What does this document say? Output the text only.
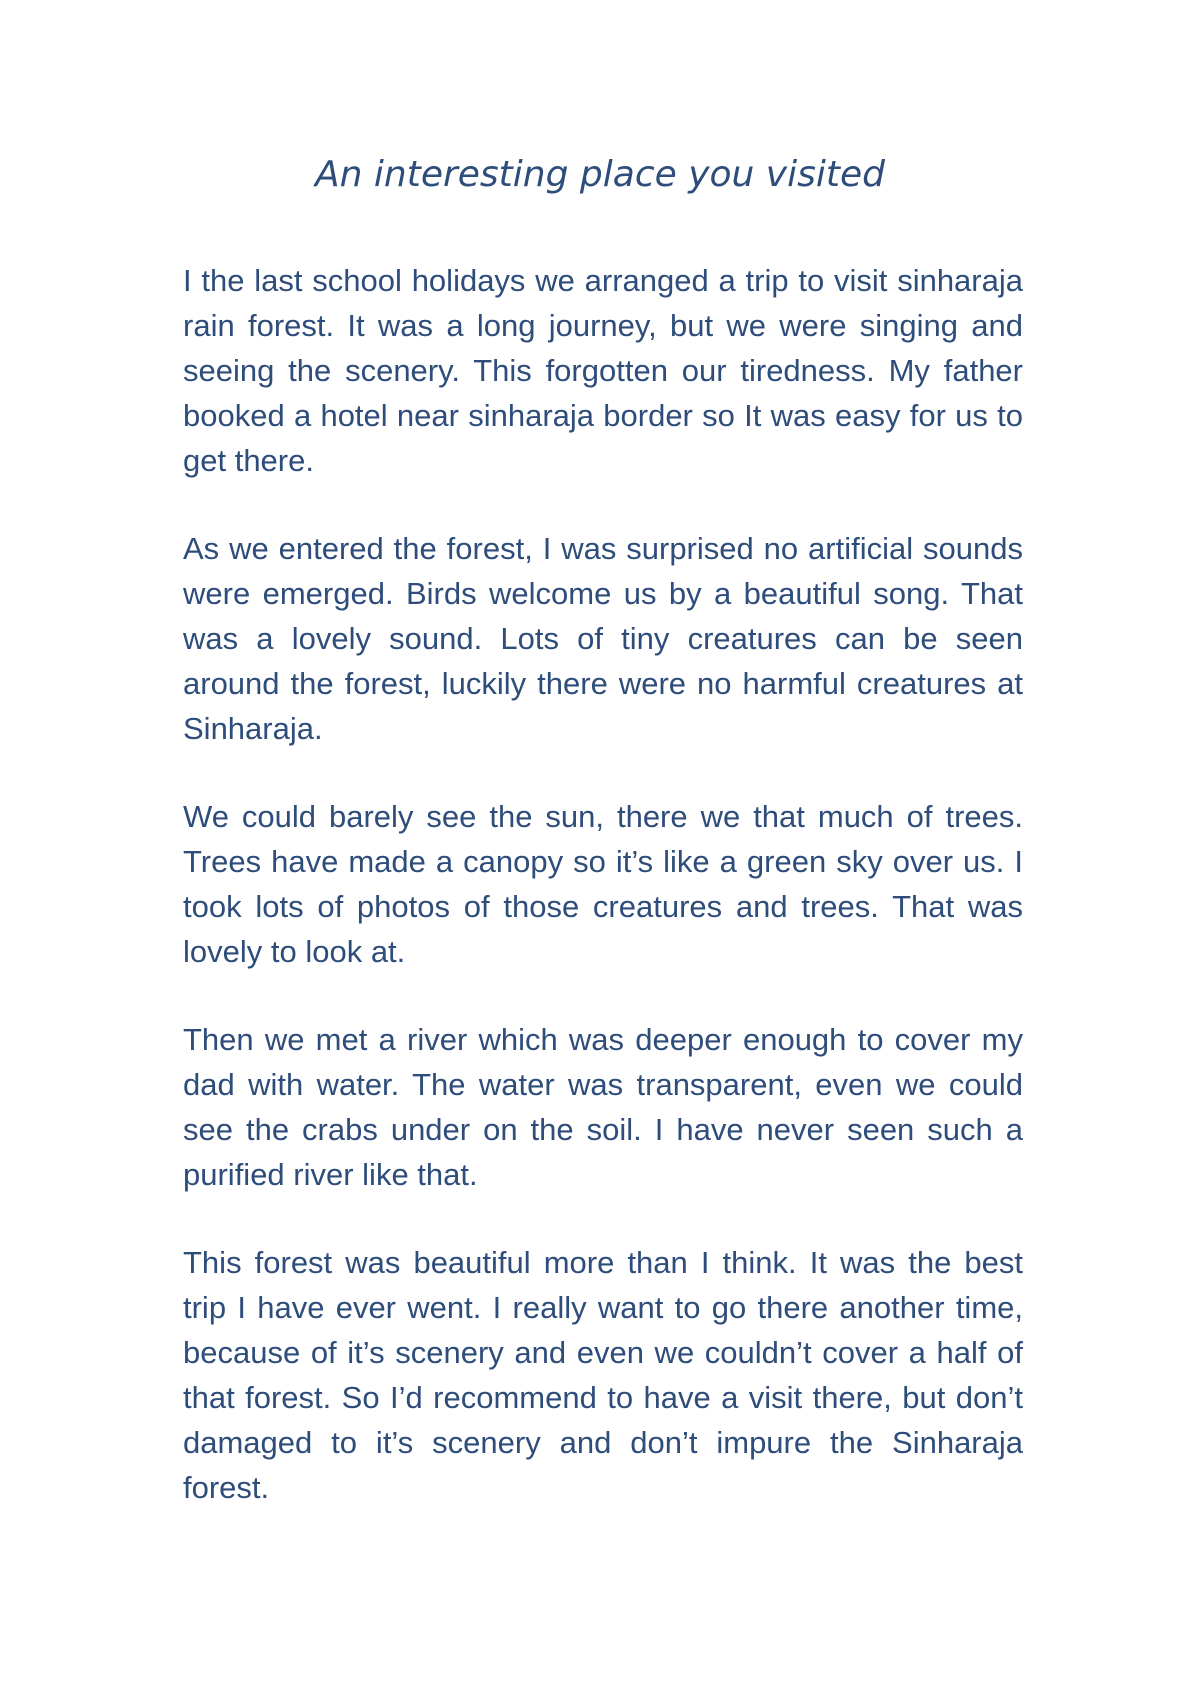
An interesting place you visited

I the last school holidays we arranged a trip to visit sinharaja rain forest. It was a long journey, but we were singing and seeing the scenery. This forgotten our tiredness. My father booked a hotel near sinharaja border so It was easy for us to get there.

As we entered the forest, I was surprised no artificial sounds were emerged. Birds welcome us by a beautiful song. That was a lovely sound. Lots of tiny creatures can be seen around the forest, luckily there were no harmful creatures at Sinharaja.

We could barely see the sun, there we that much of trees. Trees have made a canopy so it’s like a green sky over us. I took lots of photos of those creatures and trees. That was lovely to look at.

Then we met a river which was deeper enough to cover my dad with water. The water was transparent, even we could see the crabs under on the soil. I have never seen such a purified river like that.

This forest was beautiful more than I think. It was the best trip I have ever went. I really want to go there another time, because of it’s scenery and even we couldn’t cover a half of that forest. So I’d recommend to have a visit there, but don’t damaged to it’s scenery and don’t impure the Sinharaja forest.
